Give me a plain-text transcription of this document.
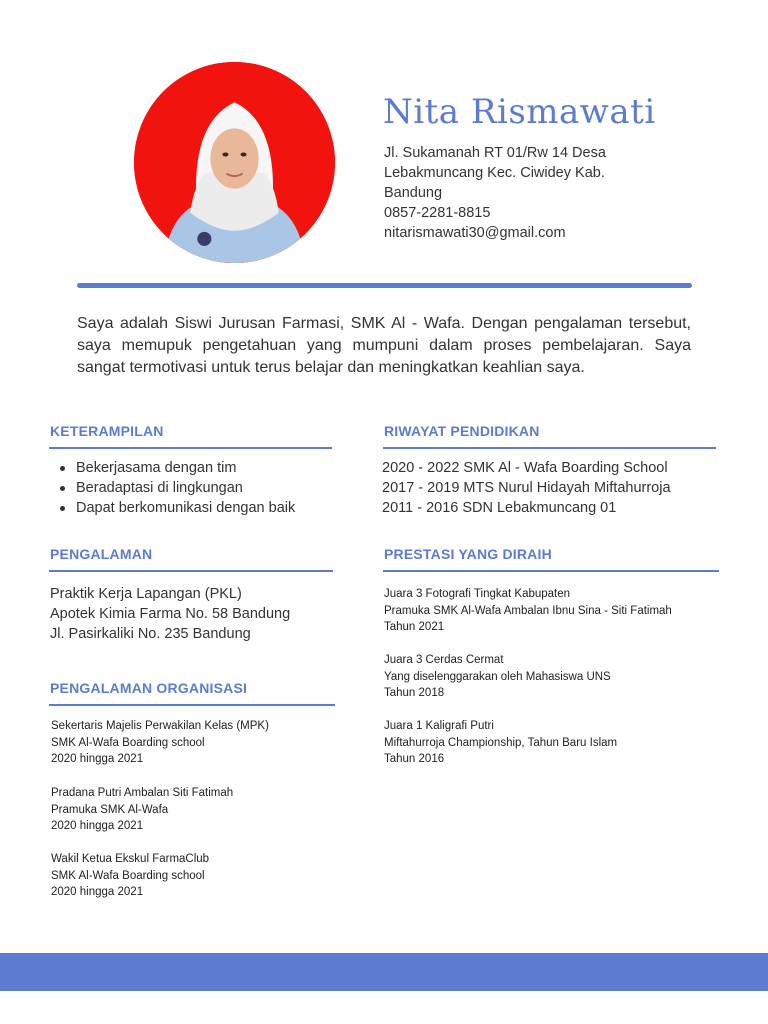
Nita Rismawati
Jl. Sukamanah RT 01/Rw 14 Desa
Lebakmuncang Kec. Ciwidey Kab.
Bandung
0857-2281-8815
nitarismawati30@gmail.com

Saya adalah Siswi Jurusan Farmasi, SMK Al - Wafa. Dengan pengalaman tersebut, saya memupuk pengetahuan yang mumpuni dalam proses pembelajaran. Saya sangat termotivasi untuk terus belajar dan meningkatkan keahlian saya.

KETERAMPILAN
Bekerjasama dengan tim
Beradaptasi di lingkungan
Dapat berkomunikasi dengan baik
RIWAYAT PENDIDIKAN
2020 - 2022 SMK Al - Wafa Boarding School
2017 - 2019 MTS Nurul Hidayah Miftahurroja
2011 - 2016 SDN Lebakmuncang 01
PENGALAMAN
Praktik Kerja Lapangan (PKL)
Apotek Kimia Farma No. 58 Bandung
Jl. Pasirkaliki No. 235 Bandung
PRESTASI YANG DIRAIH
Juara 3 Fotografi Tingkat Kabupaten
Pramuka SMK Al-Wafa Ambalan Ibnu Sina - Siti Fatimah
Tahun 2021
Juara 3 Cerdas Cermat
Yang diselenggarakan oleh Mahasiswa UNS
Tahun 2018
Juara 1 Kaligrafi Putri
Miftahurroja Championship, Tahun Baru Islam
Tahun 2016
PENGALAMAN ORGANISASI
Sekertaris Majelis Perwakilan Kelas (MPK)
SMK Al-Wafa Boarding school
2020 hingga 2021
Pradana Putri Ambalan Siti Fatimah
Pramuka SMK Al-Wafa
2020 hingga 2021
Wakil Ketua Ekskul FarmaClub
SMK Al-Wafa Boarding school
2020 hingga 2021
